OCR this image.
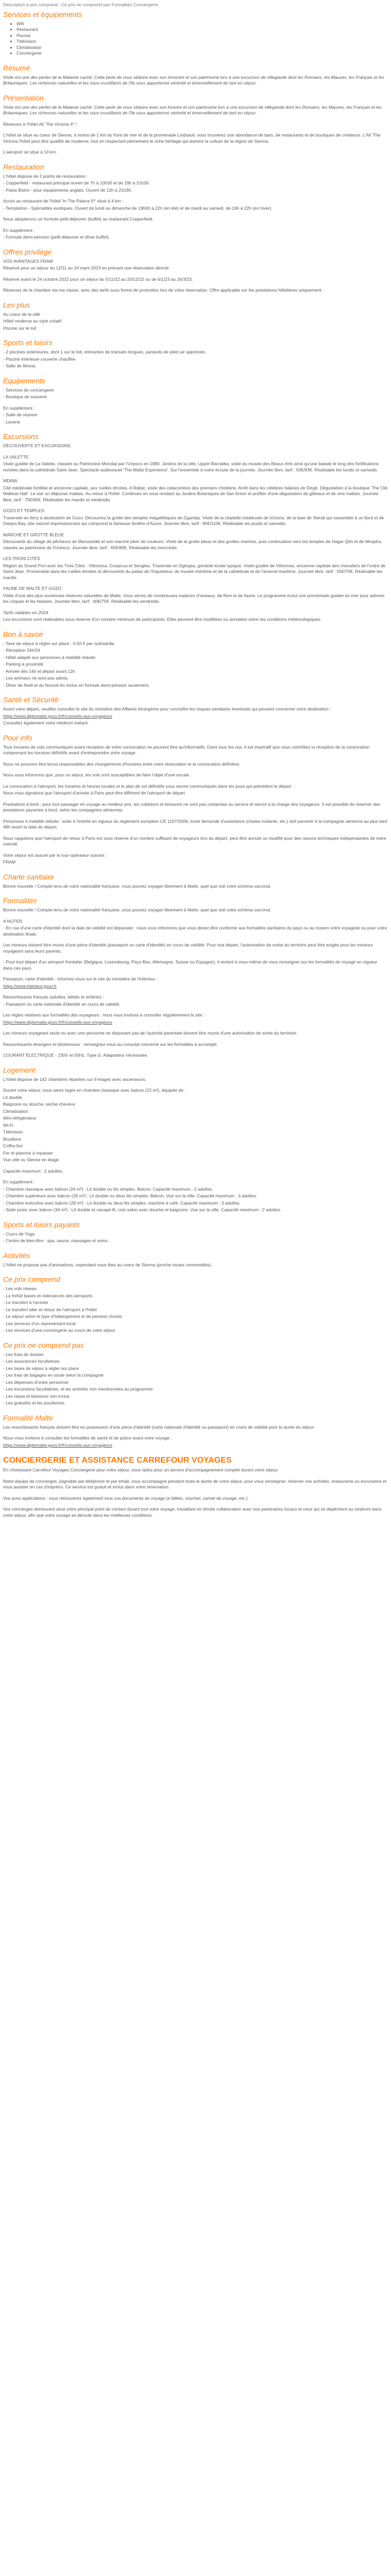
Description à prix comprend : Ce prix ne comprend pas Formalités Conciergerie

Services et équipements
• Wifi
• Restaurant
• Piscine
• Télévision
• Climatisation
• Conciergerie
Résumé

Visite est une des perles de la Malaisie caché. Cette perle de vous séduira avec son innocent et son patrimoine lors à une excursion de villegiarde dont les Romains, les Mauves, les Français et les Britanniques. Les richesses naturelles et les sous-crustillants de l'île vous apporteront sérénité et émerveillement de tant en séjour.

Présentation

Visite est une des perles de la Malaisie caché. Cette perle de vous séduira avec son histoire et son patrimoine lors à une excursion de villegiarde dont les Romains, les Mauves, les Français et les Britanniques. Les richesses naturelles et les sous-crustillants de l'île vous apporteront sérénité et émerveillement de tant en séjour.

Réservez à l'hôtel All 'The Victoria 4* !

L'hôtel se situe au coeur de Sienna, à moins de 1 km du front de mer et de la promenade Lindsaoli, vous trouverez une abondance de bars, de restaurants et de boutiques de créateurs. L'All 'The Victoria l'hôtel peut être qualifié de moderne, tout en respectant pleinement le riche héritage qui domine la culture de la région de Sienna.

L'aéroport se situe à 10 km.

Restauration

L'hôtel dispose de 2 points de restauration :

- Copperfield - restaurant principal ouvert de 7h à 10h30 et de 19h à 21h30.

- Pasta Bistrò - pour équipements anglais. Ouvert de 12h à 21h30.

Accès au restaurant de l'hôtel 'In The Palace 5*' situé à 4 km :

- Temptation - Spécialités exotiques. Ouvert du lundi au dimanche de 19h00 à 22h (en été) et de mardi au samedi, de 19h à 22h (en hiver).

Nous adopterons un formule petit-déjeuner (buffet) au restaurant Copperfield.

En supplément :

- Formule demi-pension (petit-déjeuner et dîner buffet).

Offres privilège

VOS AVANTAGES FRAM

Réservé pour un séjour du 12/11 au 24 mars 2023 en prenant une réservation directe.

Réservé avant le 24 octobre 2022 pour un séjour du 5/11/22 au 20/12/22 ou de 6/1/23 au 26/3/23.

Réservez de la chambre via ma classe, avec des tarifs sous forme de promotion lors de votre réservation. Offre applicable sur les prestations hôtelières uniquement.

Les plus

Au coeur de la ville

Hôtel moderne au style créatif

Piscine sur le toit

Sports et loisirs

- 2 piscines extérieures, dont 1 sur le toit, entourées de transats longues, parasols de plein air appréciés

- Piscine intérieure couverte chauffée

- Salle de fitness

Equipements

- Services de conciergerie

- Boutique de souvenir

En supplément :

- Salle de réunion

- Laverie

Excursions

DÉCOUVERTE ET EXCURSIONS

LA VALETTE

Visite guidée de La Valette, classée au Patrimoine Mondial par l'Unesco en 1980. Jardins de la ville, Upper Barrakka, visite du musée des Beaux-Arts ainsi qu'une balade le long des fortifications nichées dans la cathédrale Saint-Jean. Spectacle audiovisuel 'The Malta Experience'. Sur l'ensemble à notre écoute de la journée. Journée libre, tarif : 50€/63€. Réalisable les lundis et samedis.

MDINA

Cité médiévale fortifiée et ancienne capitale, aux ruelles étroites. A Rabat, visite des catacombes des premiers chrétiens. Arrêt dans les célèbres falaises de Dingli. Dégustation à la boutique 'The Old Maltese Hall'. Le soir un déjeuner maltais. Au retour à l'hôtel. Continuez en vous rendant au Jardins Botaniques de San Anton et profiter d'une dégustation de gâteaux et de vins maltais. Journée libre, tarif : 75€/95€. Réalisable les mardis et vendredis.

GOZO ET TEMPLES

Traversée en ferry à destination de Gozo. Découvrez la grotte des temples mégalithiques de Ggantija. Visite de la citadelle médiévale de Victoria, de la baie de Xlendi qui rassemble à un fjord et de Dwejra Bay, site naturel impressionnant qui comprend la fameuse fenêtre d'Azure. Journée libre, tarif : 85€/110€. Réalisable les jeudis et samedis.

MARCHÉ ET GROTTE BLEUE

Découverte du village de pêcheurs de Marsaxlokk et son marché plein de couleurs. Visite de la grotte bleue et des grottes marines, puis continuation vers les temples de Hagar Qim et de Mnajdra, classés au patrimoine de l'Unesco. Journée libre, tarif : 65€/80€. Réalisable les mercredis.

LES TROIS CITÉS

Région du Grand Port avec les Trois Cités : Vittoriosa, Cospicua et Senglea. Traversée en Dghajsa, gondole locale typique. Visite guidée de Vittoriosa, ancienne capitale des chevaliers de l'ordre de Saint-Jean. Promenade dans les ruelles étroites et découverte du palais de l'Inquisiteur, du musée maritime et de la cathédrale et de l'arsenal maritime. Journée libre, tarif : 55€/70€. Réalisable les mardis.

FAUNE DE MALTE ET GOZO

Visite d'une des plus anciennes réserves naturelles de Malte. Vous verrez de nombreuses espèces d'oiseaux, de flore et de faune. Le programme inclut une promenade guidée en mer pour admirer les criques et les falaises. Journée libre, tarif : 60€/75€. Réalisable les vendredis.

Tarifs valables en 2024.

Les excursions sont réalisables sous réserve d'un nombre minimum de participants. Elles peuvent être modifiées ou annulées selon les conditions météorologiques.

Bon à savoir

- Taxe de séjour à régler sur place : 0,50 € par nuit/adulte.

- Réception 24h/24

- Hôtel adapté aux personnes à mobilité réduite.

- Parking à proximité

- Arrivée dès 14h et départ avant 12h

- Les animaux ne sont pas admis.

- Dîner de Noël et du Nouvel An inclus en formule demi-pension seulement.

Santé et Sécurité

Avant votre départ, veuillez consulter le site du ministère des Affaires étrangères pour connaître les risques sanitaires éventuels qui peuvent concerner votre destination :

https://www.diplomatie.gouv.fr/fr/conseils-aux-voyageurs

Consultez également votre médecin traitant.

Pour info

Tous horaires de vols communiqués avant réception de votre convocation ne peuvent être qu'informatifs. Dans tous les cas, il est impératif que vous contrôliez la réception de la convocation comprenant les horaires définitifs avant d'entreprendre votre voyage.

Nous ne pouvons être tenus responsables des changements d'horaires entre votre réservation et la convocation définitive.

Nous vous informons que, pour un séjour, les vols sont susceptibles de faire l'objet d'une escale.

La convocation à l'aéroport, les horaires et heures locales et le plan de vol définitifs vous seront communiqués dans les jours qui précèdent le départ.

Nous vous signalons que l'aéroport d'arrivée à Paris peut être différent de l'aéroport de départ.

Prestations à bord : pour tout passager en voyage au meilleur prix, les collations et boissons ne sont pas comprises au service et seront à la charge des voyageurs. Il est possible de réserver des prestations payantes à bord, selon les compagnies aériennes.

Personnes à mobilité réduite : suite à l'entrée en vigueur du règlement européen CE 1107/2006, toute demande d'assistance (chaise roulante, etc.) doit parvenir à la compagnie aérienne au plus tard 48h avant la date du départ.

Nous rappelons que l'aéroport de retour à Paris est sous réserve d'un nombre suffisant de voyageurs lors du départ, peut être annulé ou modifié pour des raisons techniques indépendantes de notre volonté.

Votre séjour est assuré par le tour-opérateur suivant :

FRAM

Charte sanitaire

Bonne nouvelle ! Compte tenu de votre nationalité française, vous pouvez voyager librement à Malte, quel que soit votre schéma vaccinal.

Formalités

Bonne nouvelle ! Compte tenu de votre nationalité française, vous pouvez voyager librement à Malte, quel que soit votre schéma vaccinal.

A NOTER

- En cas d'une carte d'identité dont la date de validité est dépassée : nous vous informons que vous devez être conforme aux formalités sanitaires du pays ou au travers votre voyagiste ou pour votre destination finale.

Les mineurs doivent être munis d'une pièce d'identité (passeport ou carte d'identité) en cours de validité. Pour tout départ, l'autorisation de sortie du territoire peut être exigée pour les mineurs voyageant sans leurs parents.

- Pour tout départ d'un aéroport frontalier (Belgique, Luxembourg, Pays-Bas, Allemagne, Suisse ou Espagne), il revient à vous-même de vous renseigner sur les formalités de voyage en vigueur dans ces pays.

Passeport, carte d'identité : informez-vous sur le site du ministère de l'Intérieur :

https://www.interieur.gouv.fr

Ressortissants français (adultes, bébés et enfants) :

- Passeport ou carte nationale d'identité en cours de validité.

Les règles relatives aux formalités des voyageurs : nous vous invitons à consulter régulièrement le site :

https://www.diplomatie.gouv.fr/fr/conseils-aux-voyageurs

Les mineurs voyageant seuls ou avec une personne ne disposant pas de l'autorité parentale doivent être munis d'une autorisation de sortie du territoire.

Ressortissants étrangers et binationaux : renseignez-vous au consulat concerné sur les formalités à accomplir.

COURANT ÉLECTRIQUE - 230V et 50Hz. Type G. Adaptateur nécessaire.

Logement

L'hôtel dispose de 142 chambres réparties sur 9 étages avec ascenseurs.

Durant votre séjour, vous serez logés en chambre classique avec balcon (22 m²), équipée de :

Lit double

Baignoire ou douche, sèche-cheveux

Climatisation

Mini-réfrigérateur

Wi-Fi

Télévision

Bouilloire

Coffre-fort

Fer et planche à repasser

Vue ville ou Sienne en étage

Capacité maximum : 2 adultes.

En supplément :

- Chambre classique avec balcon (24 m²) : Lit double ou lits simples. Balcon. Capacité maximum : 2 adultes.

- Chambre supérieure avec balcon (26 m²) : Lit double ou deux lits simples. Balcon. Vue sur la ville. Capacité maximum : 3 adultes.

- Chambre exécutive avec balcon (28 m²) : Lit double ou deux lits simples, machine à café. Capacité maximum : 3 adultes.

- Suite junior avec balcon (34 m²) : Lit double et canapé-lit, coin salon avec douche et baignoire. Vue sur la ville. Capacité maximum : 2 adultes.

Sports et loisirs payants

- Cours de Yoga

- Centre de bien-être : spa, sauna, massages et soins.

Activités

L'hôtel ne propose pas d'animations, cependant vous êtes au coeur de Sienna (proche toutes commodités).

Ce prix comprend

- Les vols réseau

- La forfait bases et redevances des aéroports

- Le transfert à l'arrivée

- Le transfert aller et retour de l'aéroport à l'hôtel

- Le séjour selon le type d'hébergement et de pension choisis

- Les services d'un représentant local

- Les services d'une conciergerie au cours de votre séjour

Ce prix ne comprend pas

- Les frais de dossier

- Les assurances facultatives

- Les taxes de séjour à régler sur place

- Les frais de bagages en soute selon la compagnie

- Les dépenses d'ordre personnel

- Les excursions facultatives, et les activités non mentionnées au programme

- Les repas et boissons non inclus

- Les gratuités et les pourboires

Formalité Malte

Les ressortissants français doivent être en possession d'une pièce d'identité (carte nationale d'identité ou passeport) en cours de validité pour la durée du séjour.

Nous vous invitons à consulter les formalités de santé et de police avant votre voyage :

https://www.diplomatie.gouv.fr/fr/conseils-aux-voyageurs

CONCIERGERIE ET ASSISTANCE CARREFOUR VOYAGES

En choisissant Carrefour Voyages Conciergerie pour votre séjour, vous optez pour un service d'accompagnement complet durant votre séjour.

Notre équipe de concierges, joignable par téléphone et par email, vous accompagne pendant toute la durée de votre séjour, pour vous renseigner, réserver vos activités, restaurants ou excursions et vous assister en cas d'imprévu. Ce service est gratuit et inclus dans votre réservation.

Vos avez applications : vous retrouverez également tous vos documents de voyage (e-billets, voucher, carnet de voyage, etc.).

Vos concierges demeurent ainsi votre principal point de contact durant tout votre voyage, travaillant en étroite collaboration avec nos partenaires locaux et ceux qui se dépêchent ou rendront dans votre séjour, afin que votre voyage se déroule dans les meilleures conditions.
